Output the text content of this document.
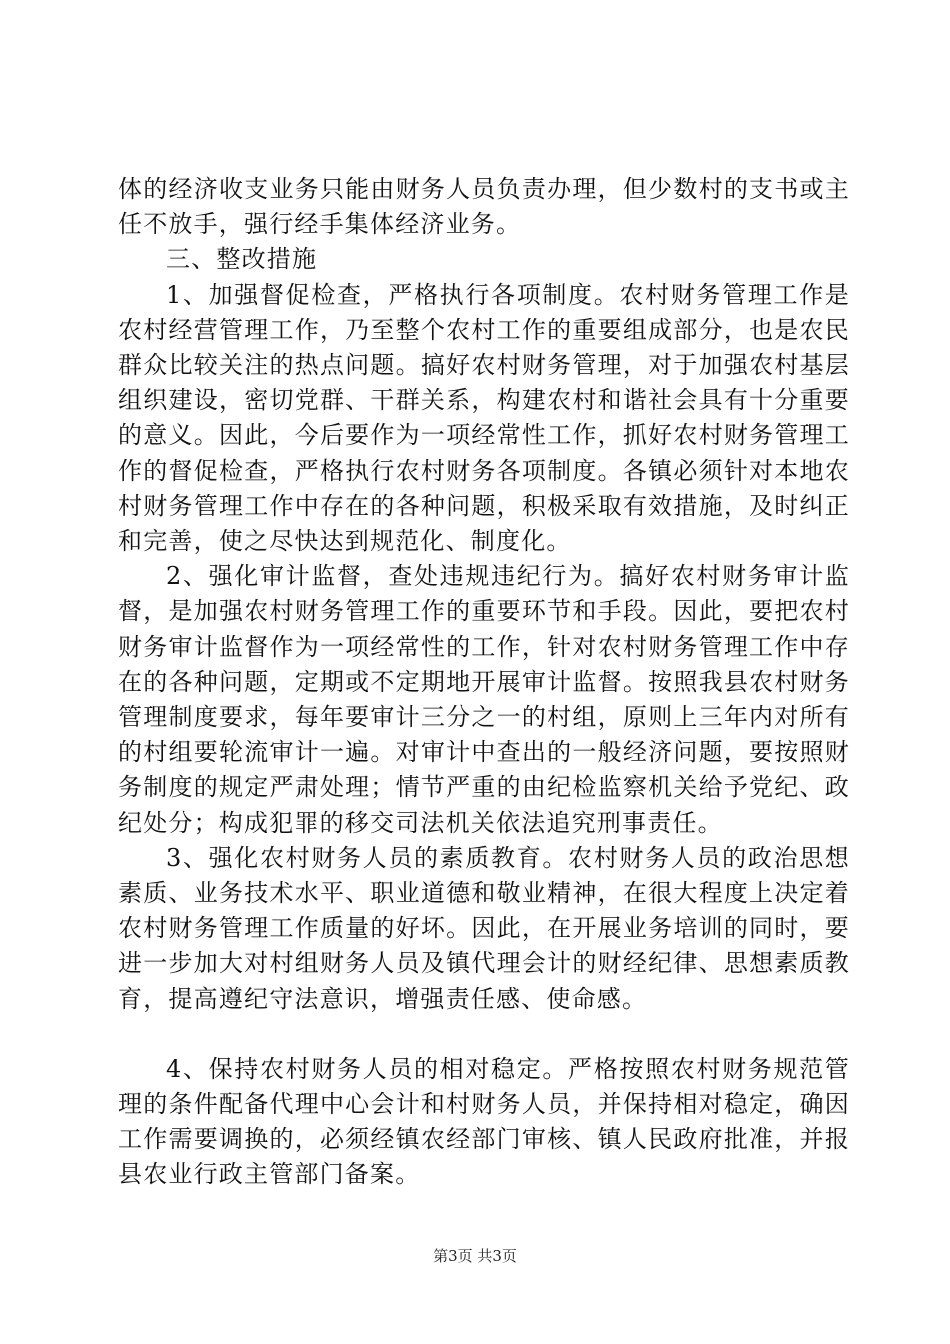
体的经济收支业务只能由财务人员负责办理，但少数村的支书或主任不放手，强行经手集体经济业务。

三、整改措施

1、加强督促检查，严格执行各项制度。农村财务管理工作是农村经营管理工作，乃至整个农村工作的重要组成部分，也是农民群众比较关注的热点问题。搞好农村财务管理，对于加强农村基层组织建设，密切党群、干群关系，构建农村和谐社会具有十分重要的意义。因此，今后要作为一项经常性工作，抓好农村财务管理工作的督促检查，严格执行农村财务各项制度。各镇必须针对本地农村财务管理工作中存在的各种问题，积极采取有效措施，及时纠正和完善，使之尽快达到规范化、制度化。

2、强化审计监督，查处违规违纪行为。搞好农村财务审计监督，是加强农村财务管理工作的重要环节和手段。因此，要把农村财务审计监督作为一项经常性的工作，针对农村财务管理工作中存在的各种问题，定期或不定期地开展审计监督。按照我县农村财务管理制度要求，每年要审计三分之一的村组，原则上三年内对所有的村组要轮流审计一遍。对审计中查出的一般经济问题，要按照财务制度的规定严肃处理；情节严重的由纪检监察机关给予党纪、政纪处分；构成犯罪的移交司法机关依法追究刑事责任。

3、强化农村财务人员的素质教育。农村财务人员的政治思想素质、业务技术水平、职业道德和敬业精神，在很大程度上决定着农村财务管理工作质量的好坏。因此，在开展业务培训的同时，要进一步加大对村组财务人员及镇代理会计的财经纪律、思想素质教育，提高遵纪守法意识，增强责任感、使命感。

4、保持农村财务人员的相对稳定。严格按照农村财务规范管理的条件配备代理中心会计和村财务人员，并保持相对稳定，确因工作需要调换的，必须经镇农经部门审核、镇人民政府批准，并报县农业行政主管部门备案。

第3页 共3页
